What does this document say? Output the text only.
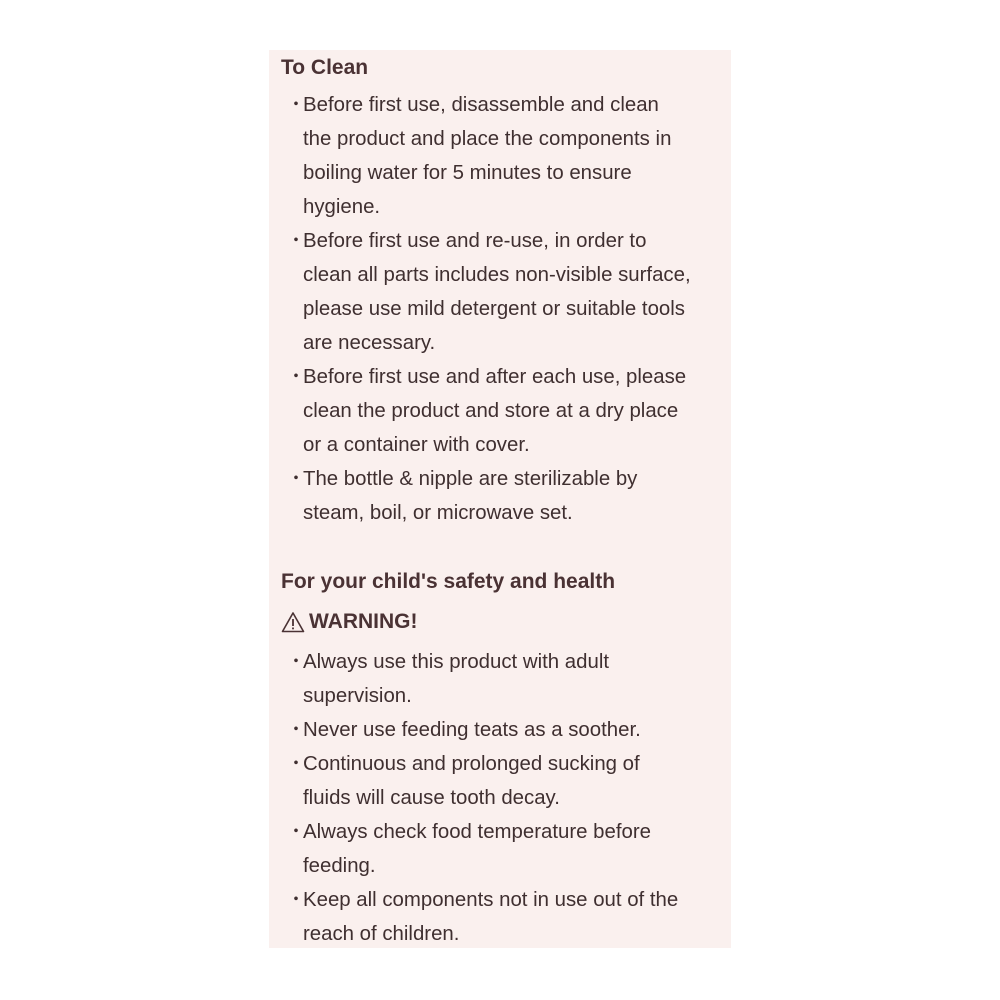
To Clean
・
Before first use, disassemble and clean
the product and place the components in
boiling water for 5 minutes to ensure
hygiene.
・
Before first use and re-use, in order to
clean all parts includes non-visible surface,
please use mild detergent or suitable tools
are necessary.
・
Before first use and after each use, please
clean the product and store at a dry place
or a container with cover.
・
The bottle & nipple are sterilizable by
steam, boil, or microwave set.
For your child's safety and health
WARNING!
・
Always use this product with adult
supervision.
・
Never use feeding teats as a soother.
・
Continuous and prolonged sucking of
fluids will cause tooth decay.
・
Always check food temperature before
feeding.
・
Keep all components not in use out of the
reach of children.
